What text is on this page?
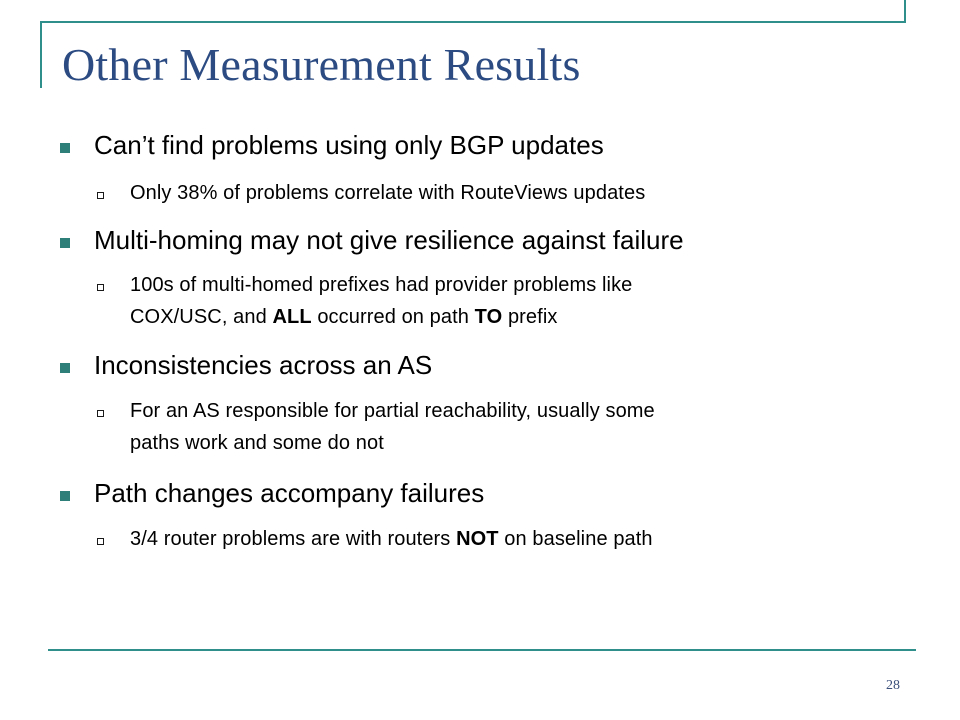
Other Measurement Results
Can’t find problems using only BGP updates
Only 38% of problems correlate with RouteViews updates
Multi-homing may not give resilience against failure
100s of multi-homed prefixes had provider problems like
COX/USC, and ALL occurred on path TO prefix
Inconsistencies across an AS
For an AS responsible for partial reachability, usually some
paths work and some do not
Path changes accompany failures
3/4 router problems are with routers NOT on baseline path
28
